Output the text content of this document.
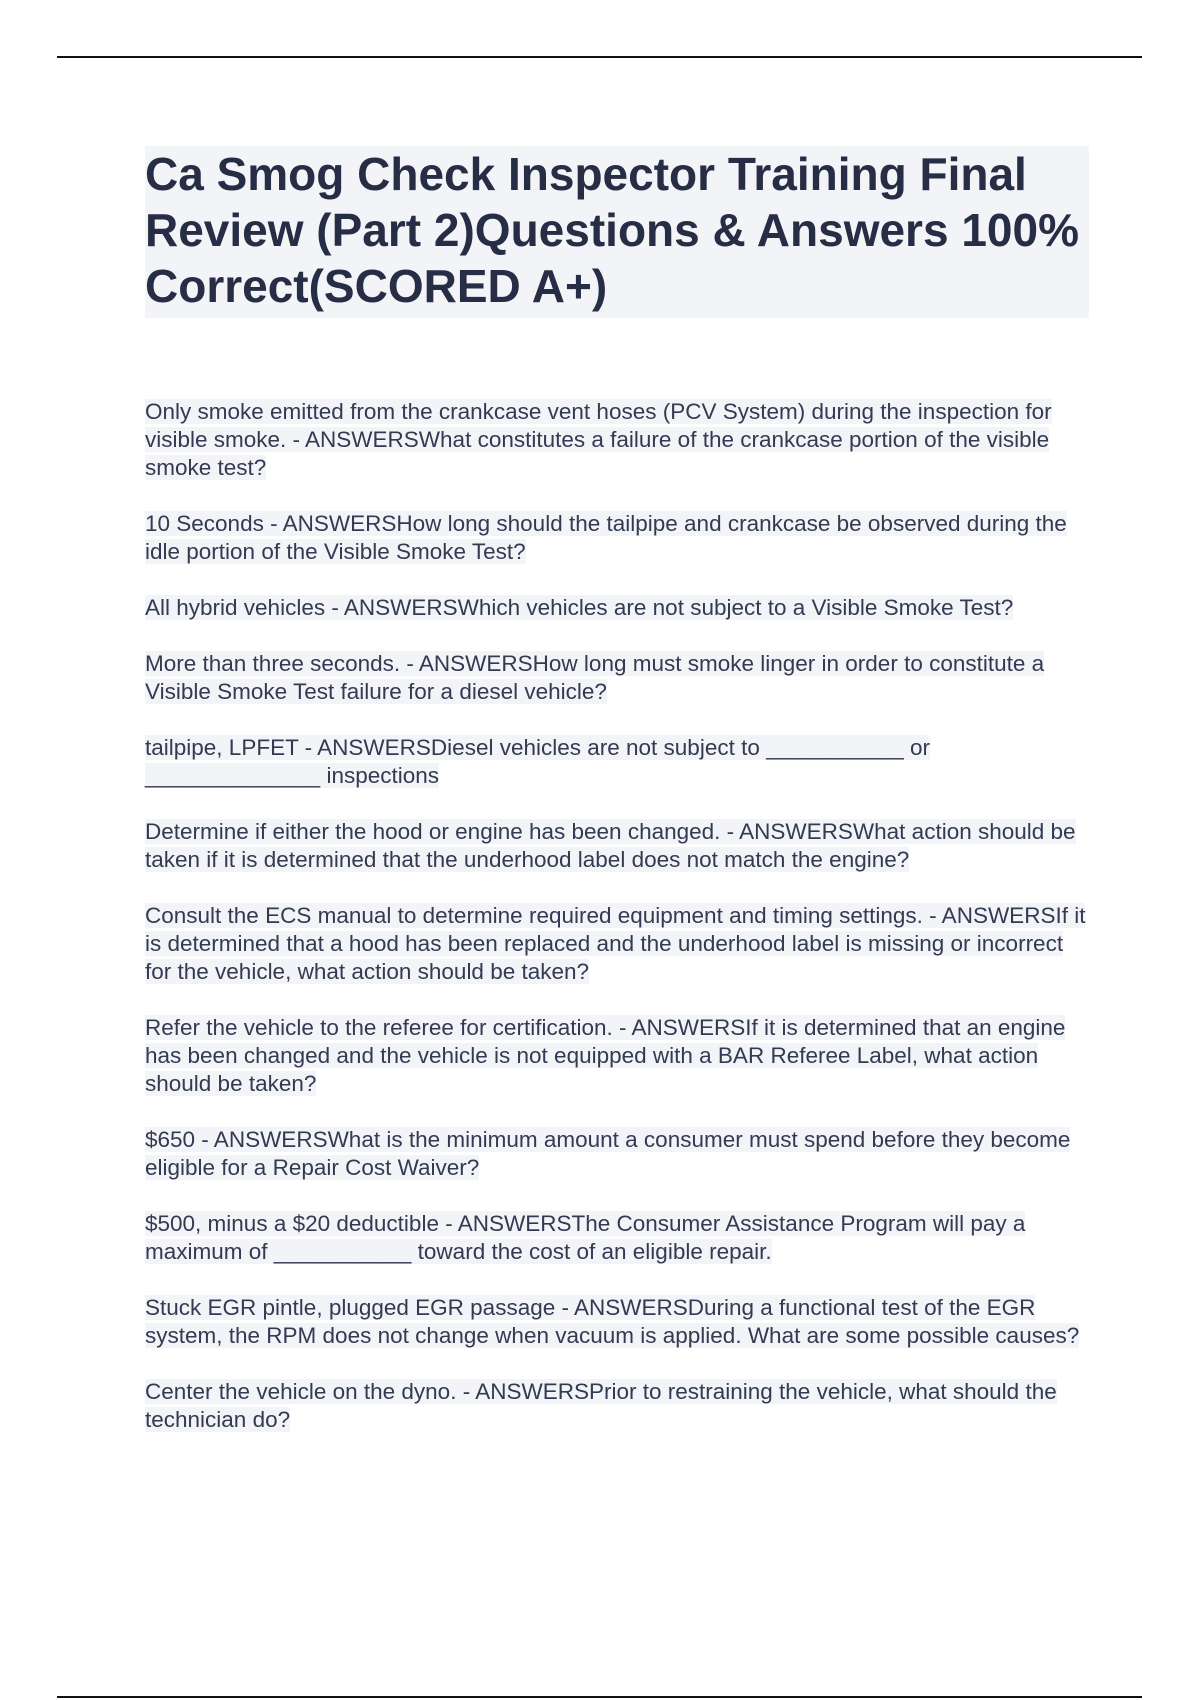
Ca Smog Check Inspector Training Final Review (Part 2)Questions & Answers 100% Correct(SCORED A+)

Only smoke emitted from the crankcase vent hoses (PCV System) during the inspection for visible smoke. - ANSWERSWhat constitutes a failure of the crankcase portion of the visible smoke test?

10 Seconds - ANSWERSHow long should the tailpipe and crankcase be observed during the idle portion of the Visible Smoke Test?

All hybrid vehicles - ANSWERSWhich vehicles are not subject to a Visible Smoke Test?

More than three seconds. - ANSWERSHow long must smoke linger in order to constitute a Visible Smoke Test failure for a diesel vehicle?

tailpipe, LPFET - ANSWERSDiesel vehicles are not subject to ___________ or ______________ inspections

Determine if either the hood or engine has been changed. - ANSWERSWhat action should be taken if it is determined that the underhood label does not match the engine?

Consult the ECS manual to determine required equipment and timing settings. - ANSWERSIf it is determined that a hood has been replaced and the underhood label is missing or incorrect for the vehicle, what action should be taken?

Refer the vehicle to the referee for certification. - ANSWERSIf it is determined that an engine has been changed and the vehicle is not equipped with a BAR Referee Label, what action should be taken?

$650 - ANSWERSWhat is the minimum amount a consumer must spend before they become eligible for a Repair Cost Waiver?

$500, minus a $20 deductible - ANSWERSThe Consumer Assistance Program will pay a maximum of ___________ toward the cost of an eligible repair.

Stuck EGR pintle, plugged EGR passage - ANSWERSDuring a functional test of the EGR system, the RPM does not change when vacuum is applied. What are some possible causes?

Center the vehicle on the dyno. - ANSWERSPrior to restraining the vehicle, what should the technician do?
